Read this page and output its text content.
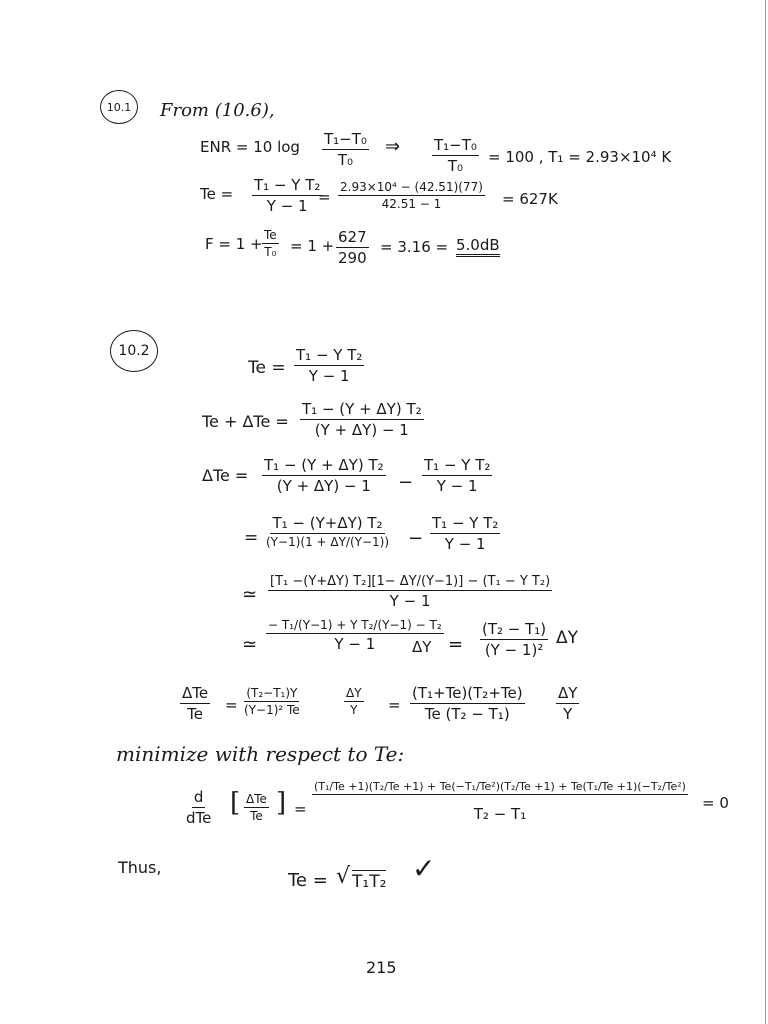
10.1 From (10.6),
ENR = 10 $\log \frac{\text{T₁−T₀}}{\text{T₀}}$ ⇒ $\frac{\text{T₁−T₀}}{\text{T₀}} = 100$ , T₁ = 2.93×10⁴ K
$Te = \frac{\text{T₁ − Y T₂}}{Y - 1}$
= $\frac{\text{2.93×10⁴ − (42.51)(77)}}{42.51 - 1} = 627K$
$F = 1 + \frac{Te}{\text{T₀}} = 1 + \frac{627}{290} = 3.16 = 5.0dB$
10.2
$Te = \frac{\text{T₁ − Y T₂}}{Y - 1}$
$Te + \Delta Te = \frac{\text{T₁ − (Y + ΔY) T₂}}{(Y + \Delta Y) - 1}$
$\Delta Te = \frac{\text{T₁ − (Y + ΔY) T₂}}{(Y + \Delta Y) - 1} - \frac{\text{T₁ − Y T₂}}{Y - 1}$
=
T₁ − (Y+ΔY) T₂
$(Y-1)(1 + \Delta Y/(Y-1)) - \frac{\text{T₁ − Y T₂}}{Y - 1}$
≃ $\frac{\text{[T₁ −(Y+ΔY) T₂][1− ΔY/(Y−1)] − (T₁ − Y T₂)}}{Y - 1}$
≃
− T₁/(Y−1) + Y T₂/(Y−1) − T₂
Y − 1 $\Delta Y = \frac{\text{(T₂ − T₁)}}{\text{(Y − 1)²}}$ ΔY
ΔTe
$Te = \frac{\text{(T₂−T₁)Y}}{\text{(Y−1)² Te}}$	$\frac{\Delta Y}{Y} = \frac{\text{(T₁+Te)(T₂+Te)}}{\text{Te (T₂ − T₁)}} \frac{\Delta Y}{Y}$
minimize with respect to Te:
d
dTe [ ΔTe
Te ] =
(T₁/Te +1)(T₂/Te +1) + Te(−T₁/Te²)(T₂/Te +1) + Te(T₁/Te +1)(−T₂/Te²)
T₂ − T₁
= 0
Thus,
Te = √ T₁T₂ ✓
215
